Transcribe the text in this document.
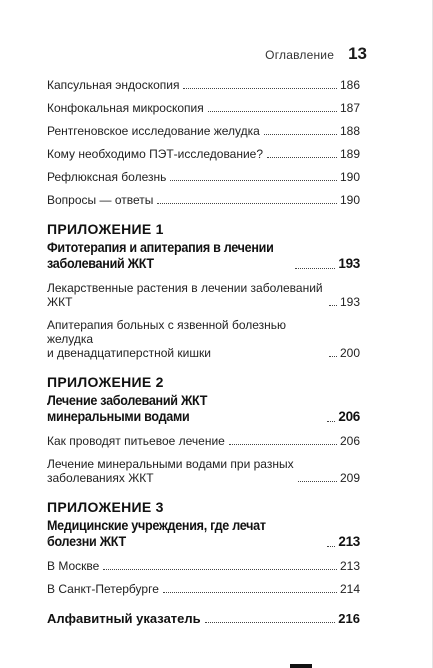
Оглавление 13
Капсульная эндоскопия	186
Конфокальная микроскопия	187
Рентгеновское исследование желудка	188
Кому необходимо ПЭТ-исследование?	189
Рефлюксная болезнь	190
Вопросы — ответы	190
ПРИЛОЖЕНИЕ 1
Фитотерапия и апитерапия в лечении
заболеваний ЖКТ	193
Лекарственные растения в лечении заболеваний ЖКТ	193
Апитерапия больных с язвенной болезнью желудка
и двенадцатиперстной кишки	200
ПРИЛОЖЕНИЕ 2
Лечение заболеваний ЖКТ минеральными водами	206
Как проводят питьевое лечение	206
Лечение минеральными водами при разных
заболеваниях ЖКТ	209
ПРИЛОЖЕНИЕ 3
Медицинские учреждения, где лечат болезни ЖКТ	213
В Москве	213
В Санкт-Петербурге	214
Алфавитный указатель	216
